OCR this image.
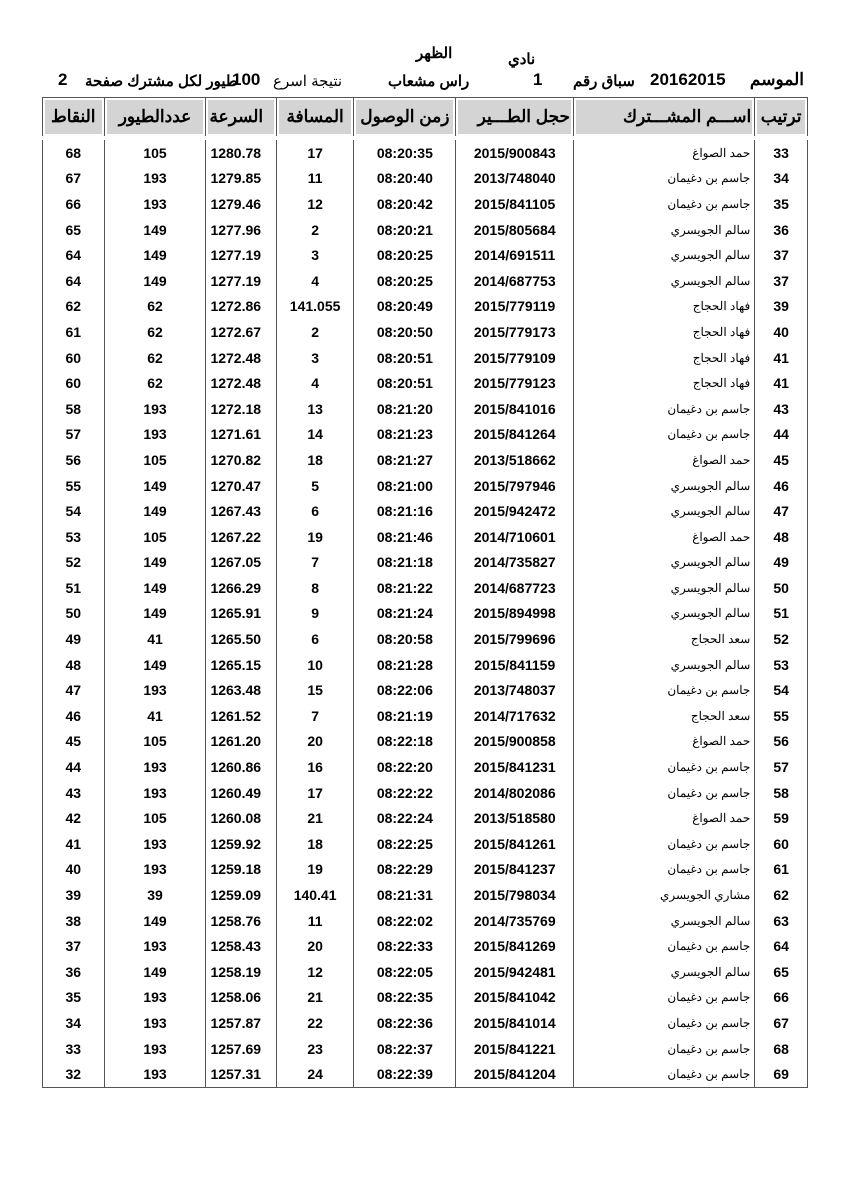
الظهر	نادي
الموسم
20162015
سباق رقم
1
راس مشعاب
نتيجة اسرع
100
طيور لكل مشترك صفحة
2
ترتيب	اســـم المشـــترك	حجل الطـــير	زمن الوصول	المسافة	السرعة	عددالطيور	النقاط
33	حمد الصواغ	2015/900843	08:20:35	17	1280.78	105	68
34	جاسم بن دغيمان	2013/748040	08:20:40	11	1279.85	193	67
35	جاسم بن دغيمان	2015/841105	08:20:42	12	1279.46	193	66
36	سالم الجويسري	2015/805684	08:20:21	2	1277.96	149	65
37	سالم الجويسري	2014/691511	08:20:25	3	1277.19	149	64
37	سالم الجويسري	2014/687753	08:20:25	4	1277.19	149	64
39	فهاد الحجاج	2015/779119	08:20:49	141.055	1272.86	62	62
40	فهاد الحجاج	2015/779173	08:20:50	2	1272.67	62	61
41	فهاد الحجاج	2015/779109	08:20:51	3	1272.48	62	60
41	فهاد الحجاج	2015/779123	08:20:51	4	1272.48	62	60
43	جاسم بن دغيمان	2015/841016	08:21:20	13	1272.18	193	58
44	جاسم بن دغيمان	2015/841264	08:21:23	14	1271.61	193	57
45	حمد الصواغ	2013/518662	08:21:27	18	1270.82	105	56
46	سالم الجويسري	2015/797946	08:21:00	5	1270.47	149	55
47	سالم الجويسري	2015/942472	08:21:16	6	1267.43	149	54
48	حمد الصواغ	2014/710601	08:21:46	19	1267.22	105	53
49	سالم الجويسري	2014/735827	08:21:18	7	1267.05	149	52
50	سالم الجويسري	2014/687723	08:21:22	8	1266.29	149	51
51	سالم الجويسري	2015/894998	08:21:24	9	1265.91	149	50
52	سعد الحجاج	2015/799696	08:20:58	6	1265.50	41	49
53	سالم الجويسري	2015/841159	08:21:28	10	1265.15	149	48
54	جاسم بن دغيمان	2013/748037	08:22:06	15	1263.48	193	47
55	سعد الحجاج	2014/717632	08:21:19	7	1261.52	41	46
56	حمد الصواغ	2015/900858	08:22:18	20	1261.20	105	45
57	جاسم بن دغيمان	2015/841231	08:22:20	16	1260.86	193	44
58	جاسم بن دغيمان	2014/802086	08:22:22	17	1260.49	193	43
59	حمد الصواغ	2013/518580	08:22:24	21	1260.08	105	42
60	جاسم بن دغيمان	2015/841261	08:22:25	18	1259.92	193	41
61	جاسم بن دغيمان	2015/841237	08:22:29	19	1259.18	193	40
62	مشاري الجويسري	2015/798034	08:21:31	140.41	1259.09	39	39
63	سالم الجويسري	2014/735769	08:22:02	11	1258.76	149	38
64	جاسم بن دغيمان	2015/841269	08:22:33	20	1258.43	193	37
65	سالم الجويسري	2015/942481	08:22:05	12	1258.19	149	36
66	جاسم بن دغيمان	2015/841042	08:22:35	21	1258.06	193	35
67	جاسم بن دغيمان	2015/841014	08:22:36	22	1257.87	193	34
68	جاسم بن دغيمان	2015/841221	08:22:37	23	1257.69	193	33
69	جاسم بن دغيمان	2015/841204	08:22:39	24	1257.31	193	32
